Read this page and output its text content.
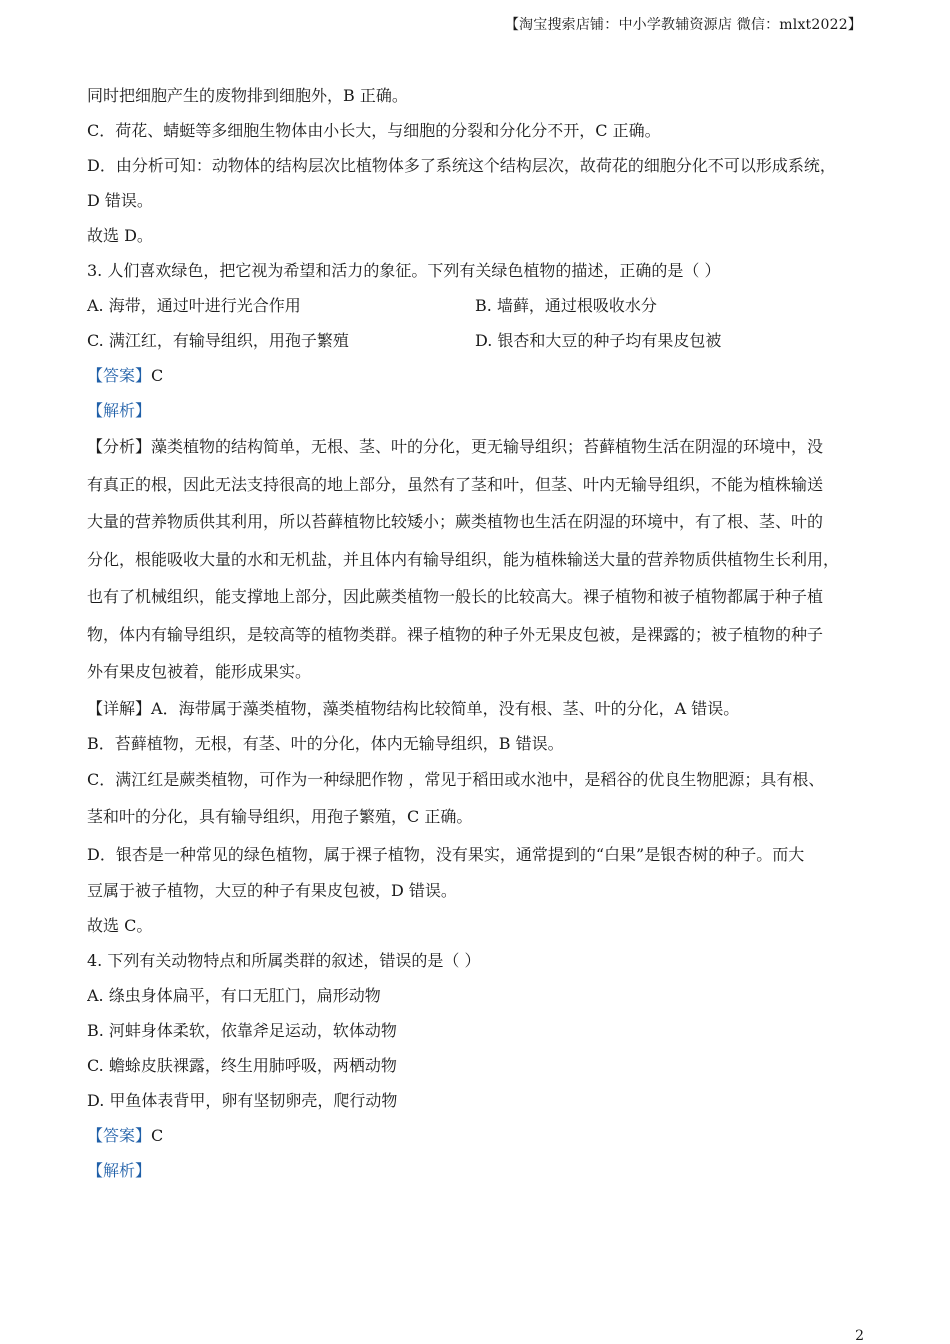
【淘宝搜索店铺：中小学教辅资源店 微信：mlxt2022】
同时把细胞产生的废物排到细胞外，B 正确。
C．荷花、蜻蜓等多细胞生物体由小长大，与细胞的分裂和分化分不开，C 正确。
D．由分析可知：动物体的结构层次比植物体多了系统这个结构层次，故荷花的细胞分化不可以形成系统，
D 错误。
故选 D。
3. 人们喜欢绿色，把它视为希望和活力的象征。下列有关绿色植物的描述，正确的是（ ）
A. 海带，通过叶进行光合作用	B. 墙藓，通过根吸收水分
C. 满江红，有输导组织，用孢子繁殖	D. 银杏和大豆的种子均有果皮包被
【答案】C
【解析】
【分析】藻类植物的结构简单，无根、茎、叶的分化，更无输导组织；苔藓植物生活在阴湿的环境中，没
有真正的根，因此无法支持很高的地上部分，虽然有了茎和叶，但茎、叶内无输导组织，不能为植株输送
大量的营养物质供其利用，所以苔藓植物比较矮小；蕨类植物也生活在阴湿的环境中，有了根、茎、叶的
分化，根能吸收大量的水和无机盐，并且体内有输导组织，能为植株输送大量的营养物质供植物生长利用，
也有了机械组织，能支撑地上部分，因此蕨类植物一般长的比较高大。裸子植物和被子植物都属于种子植
物，体内有输导组织，是较高等的植物类群。裸子植物的种子外无果皮包被，是裸露的；被子植物的种子
外有果皮包被着，能形成果实。
【详解】A．海带属于藻类植物，藻类植物结构比较简单，没有根、茎、叶的分化，A 错误。
B．苔藓植物，无根，有茎、叶的分化，体内无输导组织，B 错误。
C．满江红是蕨类植物，可作为一种绿肥作物 ，常见于稻田或水池中，是稻谷的优良生物肥源；具有根、
茎和叶的分化，具有输导组织，用孢子繁殖，C 正确。
D．银杏是一种常见的绿色植物，属于裸子植物，没有果实，通常提到的“白果”是银杏树的种子。而大
豆属于被子植物，大豆的种子有果皮包被，D 错误。
故选 C。
4. 下列有关动物特点和所属类群的叙述，错误的是（ ）
A. 绦虫身体扁平，有口无肛门，扁形动物
B. 河蚌身体柔软，依靠斧足运动，软体动物
C. 蟾蜍皮肤裸露，终生用肺呼吸，两栖动物
D. 甲鱼体表背甲，卵有坚韧卵壳，爬行动物
【答案】C
【解析】
2
